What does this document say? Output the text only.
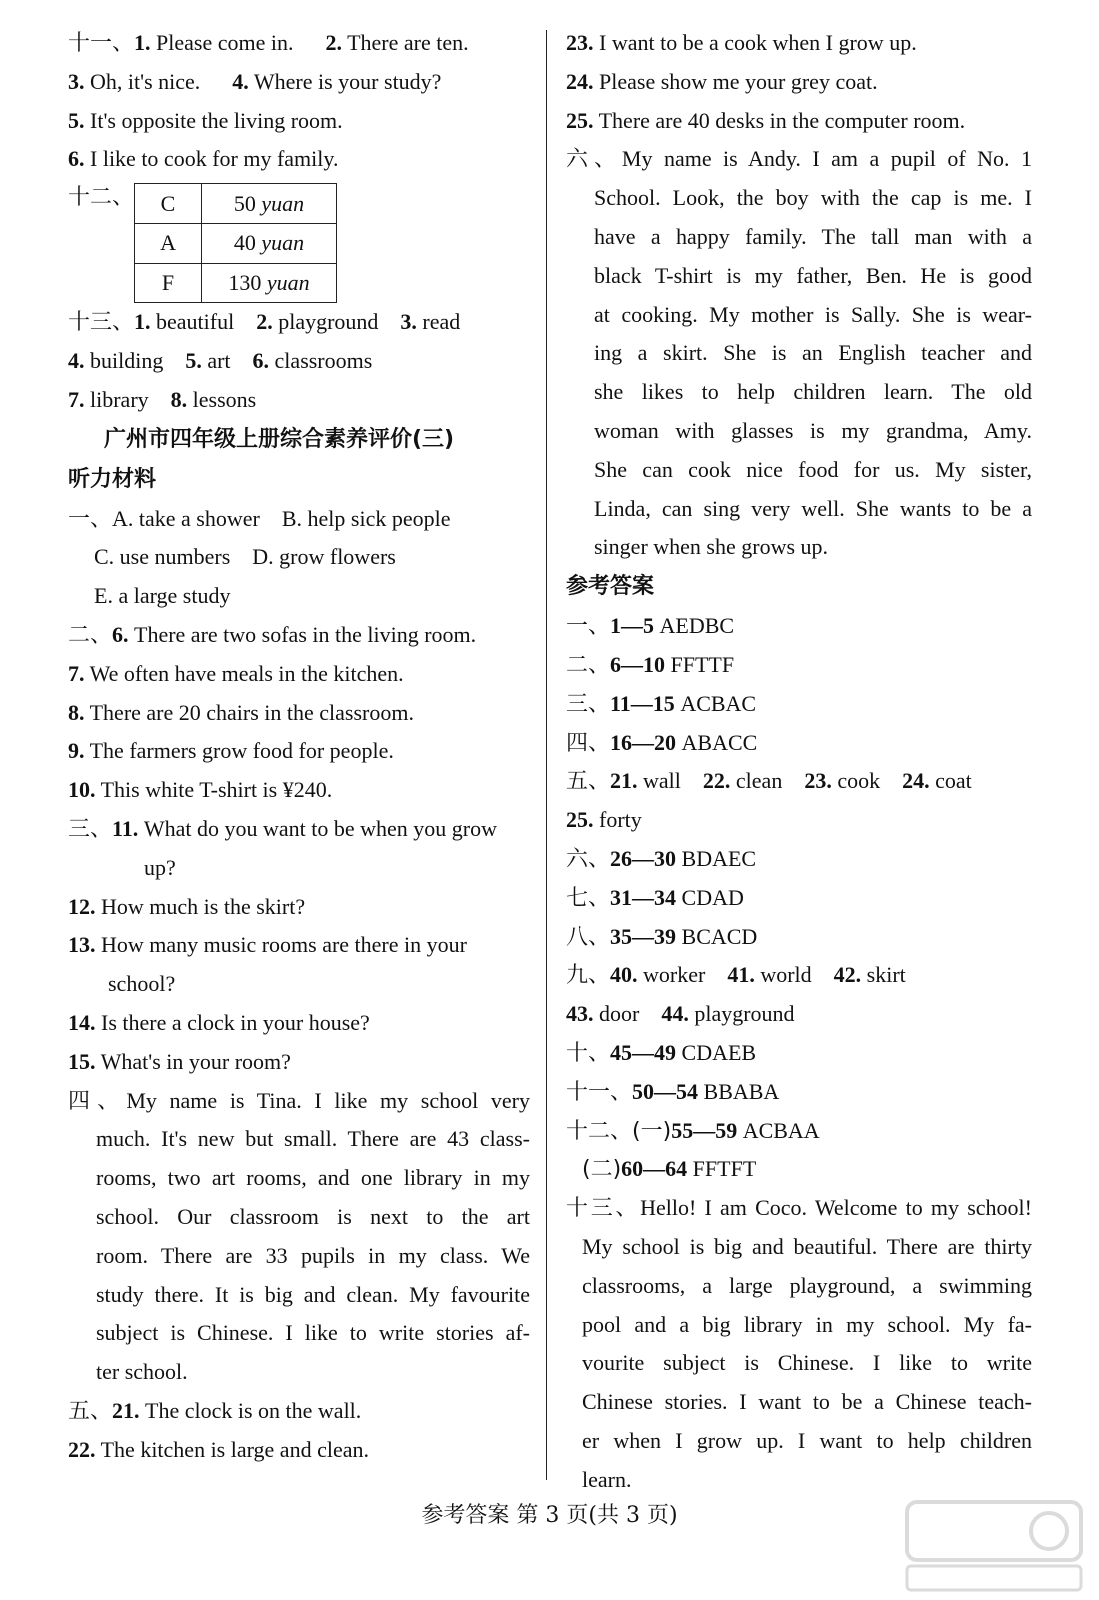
十一、1. Please come in. 2. There are ten.
3. Oh, it's nice. 4. Where is your study?
5. It's opposite the living room.
6. I like to cook for my family.
十二、 C	50 yuan
A	40 yuan
F	130 yuan
十三、1. beautiful 2. playground 3. read
4. building 5. art 6. classrooms
7. library 8. lessons
广州市四年级上册综合素养评价(三)
听力材料
一、A. take a shower B. help sick people
C. use numbers D. grow flowers
E. a large study
二、6. There are two sofas in the living room.
7. We often have meals in the kitchen.
8. There are 20 chairs in the classroom.
9. The farmers grow food for people.
10. This white T-shirt is ¥240.
三、11. What do you want to be when you grow
up?
12. How much is the skirt?
13. How many music rooms are there in your
school?
14. Is there a clock in your house?
15. What's in your room?
四、My name is Tina. I like my school very
much. It's new but small. There are 43 class-
rooms, two art rooms, and one library in my
school. Our classroom is next to the art
room. There are 33 pupils in my class. We
study there. It is big and clean. My favourite
subject is Chinese. I like to write stories af-
ter school.
五、21. The clock is on the wall.
22. The kitchen is large and clean.
23. I want to be a cook when I grow up.
24. Please show me your grey coat.
25. There are 40 desks in the computer room.
六、My name is Andy. I am a pupil of No. 1
School. Look, the boy with the cap is me. I
have a happy family. The tall man with a
black T-shirt is my father, Ben. He is good
at cooking. My mother is Sally. She is wear-
ing a skirt. She is an English teacher and
she likes to help children learn. The old
woman with glasses is my grandma, Amy.
She can cook nice food for us. My sister,
Linda, can sing very well. She wants to be a
singer when she grows up.
参考答案
一、1—5 AEDBC
二、6—10 FFTTF
三、11—15 ACBAC
四、16—20 ABACC
五、21. wall 22. clean 23. cook 24. coat
25. forty
六、26—30 BDAEC
七、31—34 CDAD
八、35—39 BCACD
九、40. worker 41. world 42. skirt
43. door 44. playground
十、45—49 CDAEB
十一、50—54 BBABA
十二、(一)55—59 ACBAA
(二)60—64 FFTFT
十三、Hello! I am Coco. Welcome to my school!
My school is big and beautiful. There are thirty
classrooms, a large playground, a swimming
pool and a big library in my school. My fa-
vourite subject is Chinese. I like to write
Chinese stories. I want to be a Chinese teach-
er when I grow up. I want to help children
learn.
参考答案 第 3 页(共 3 页)
